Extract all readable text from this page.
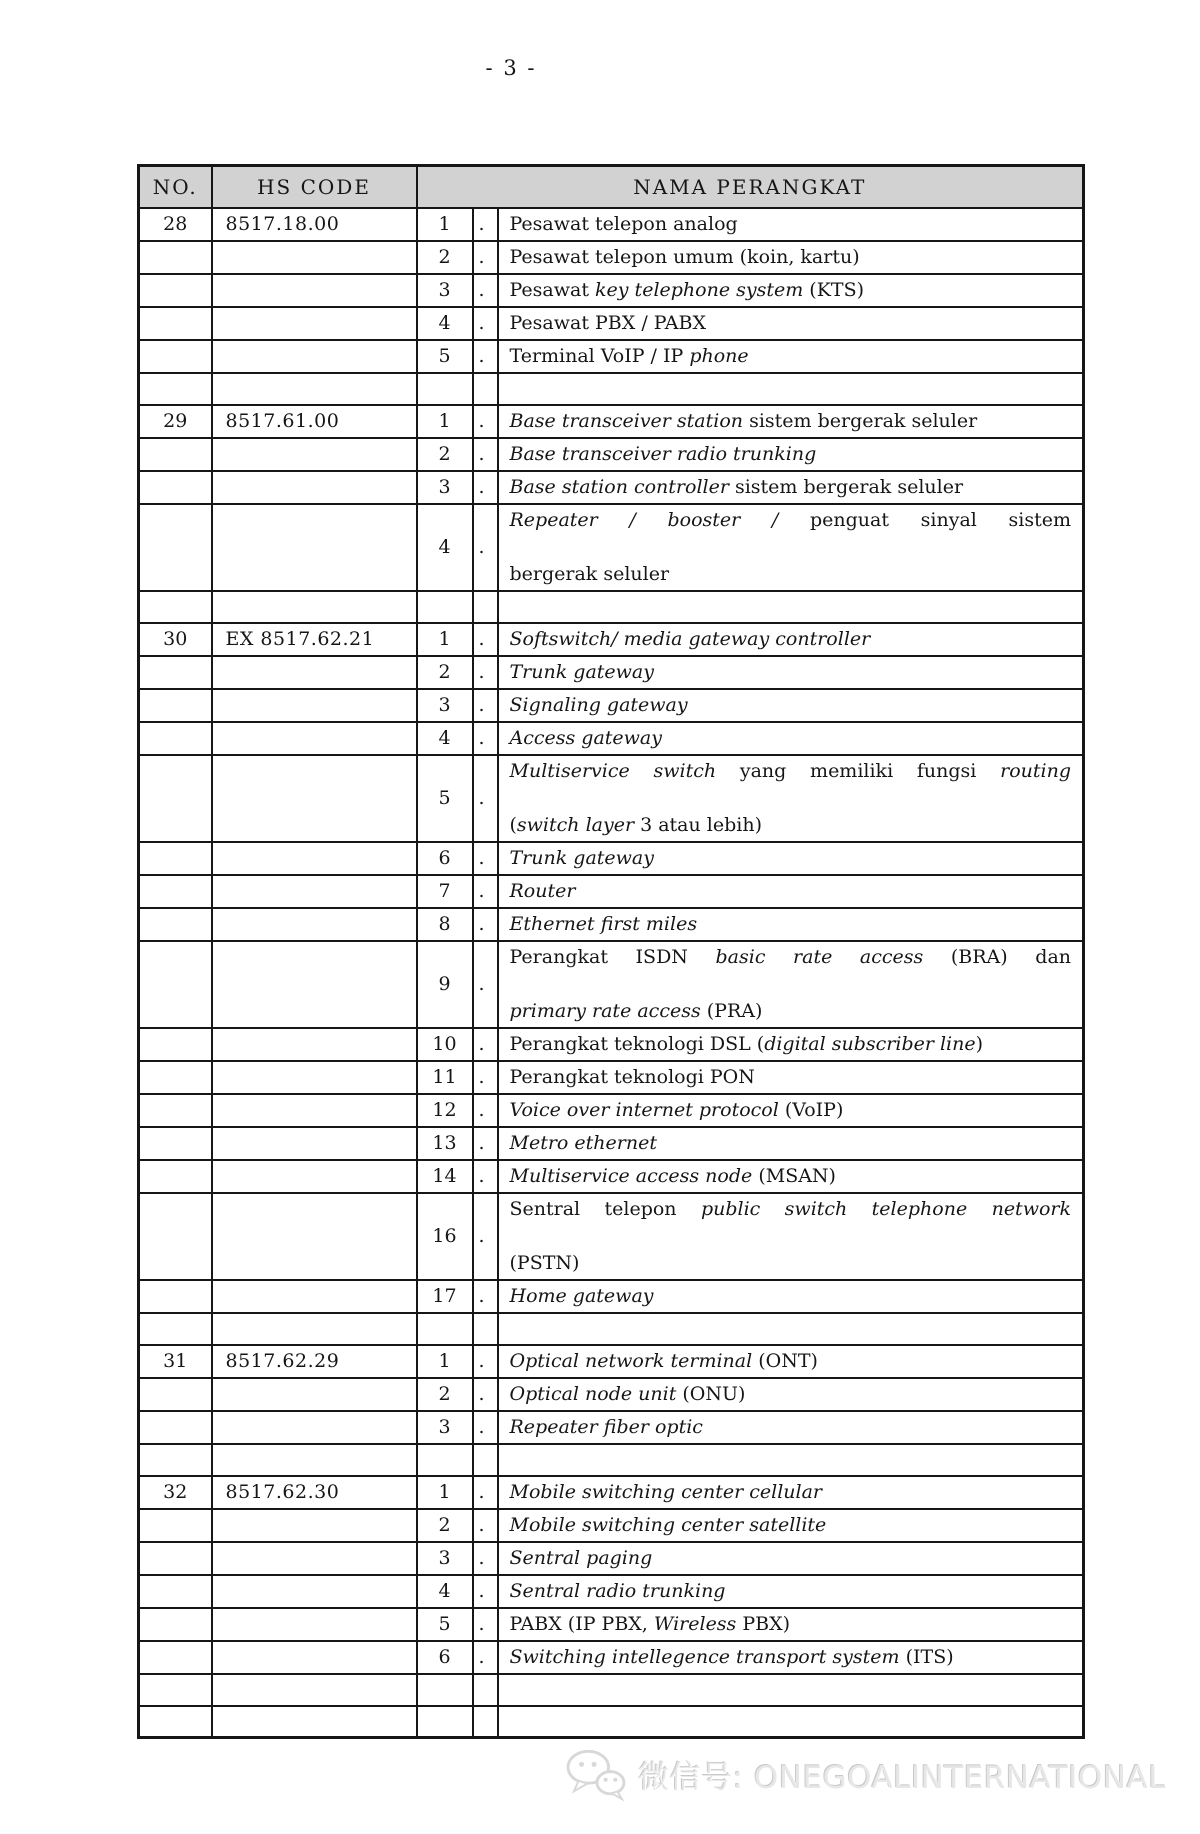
- 3 -
NO.	HS CODE	NAMA PERANGKAT		
28	8517.18.00	1	.	Pesawat telepon analog
		2	.	Pesawat telepon umum (koin, kartu)
		3	.	Pesawat key telephone system (KTS)
		4	.	Pesawat PBX / PABX
		5	.	Terminal VoIP / IP phone

29	8517.61.00	1	.	Base transceiver station sistem bergerak seluler
		2	.	Base transceiver radio trunking
		3	.	Base station controller sistem bergerak seluler
		4	.	Repeater / booster / penguat sinyal sistem
bergerak seluler

30	EX 8517.62.21	1	.	Softswitch/ media gateway controller
		2	.	Trunk gateway
		3	.	Signaling gateway
		4	.	Access gateway
		5	.	Multiservice switch yang memiliki fungsi routing
(switch layer 3 atau lebih)

		6	.	Trunk gateway
		7	.	Router
		8	.	Ethernet first miles
		9	.	Perangkat ISDN basic rate access (BRA) dan
primary rate access (PRA)

		10	.	Perangkat teknologi DSL (digital subscriber line)
		11	.	Perangkat teknologi PON
		12	.	Voice over internet protocol (VoIP)
		13	.	Metro ethernet
		14	.	Multiservice access node (MSAN)
		16	.	Sentral telepon public switch telephone network
(PSTN)

		17	.	Home gateway

31	8517.62.29	1	.	Optical network terminal (ONT)
		2	.	Optical node unit (ONU)
		3	.	Repeater fiber optic

32	8517.62.30	1	.	Mobile switching center cellular
		2	.	Mobile switching center satellite
		3	.	Sentral paging
		4	.	Sentral radio trunking
		5	.	PABX (IP PBX, Wireless PBX)
		6	.	Switching intellegence transport system (ITS)

微信号: ONEGOALINTERNATIONAL
